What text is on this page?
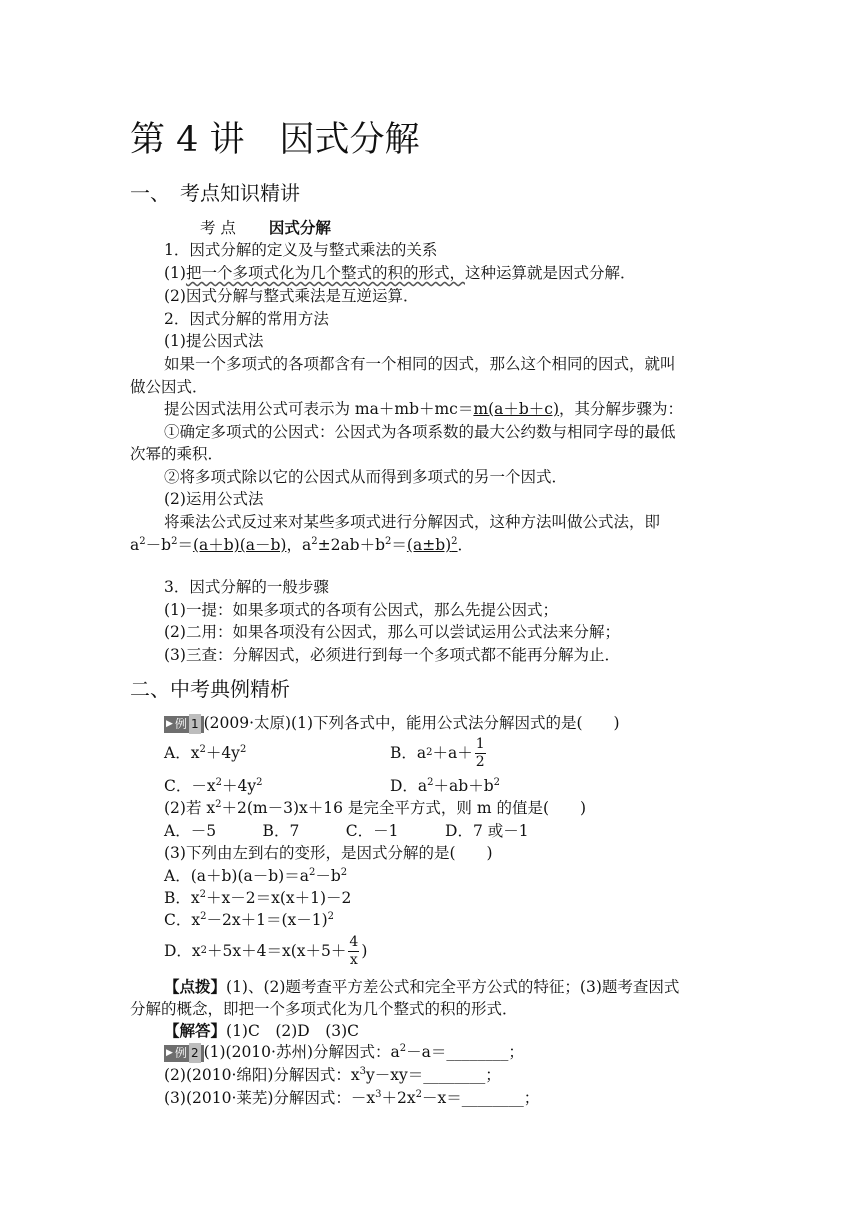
第 4 讲　因式分解
一、　考点知识精讲
考 点 因式分解
1．因式分解的定义及与整式乘法的关系
(1)把一个多项式化为几个整式的积的形式，这种运算就是因式分解．
(2)因式分解与整式乘法是互逆运算．
2．因式分解的常用方法
(1)提公因式法
如果一个多项式的各项都含有一个相同的因式，那么这个相同的因式，就叫
做公因式．
提公因式法用公式可表示为 ma＋mb＋mc＝m(a＋b＋c)，其分解步骤为：
①确定多项式的公因式：公因式为各项系数的最大公约数与相同字母的最低
次幂的乘积．
②将多项式除以它的公因式从而得到多项式的另一个因式．
(2)运用公式法
将乘法公式反过来对某些多项式进行分解因式，这种方法叫做公式法，即
$a^2-b^2=(a+b)(a-b)$，$a^2\pm 2ab+b^2=(a\pm b)^2$．
3．因式分解的一般步骤
(1)一提：如果多项式的各项有公因式，那么先提公因式；
(2)二用：如果各项没有公因式，那么可以尝试运用公式法来分解；
(3)三查：分解因式，必须进行到每一个多项式都不能再分解为止．
二、中考典例精析
▶ 例 1 (2009·太原)(1)下列各式中，能用公式法分解因式的是(　　)
A．$x^2+4y^2$	B．a $2 +a+ \frac{1}{2}$
C．$-x^2+4y^2$	D．$a^2+ab+b^2$
(2)若 $x^2+2(m-3)x+16$ 是完全平方式，则 m 的值是(　　)
A．－5　　　B．7　　　C．－1　　　D．7 或－1
(3)下列由左到右的变形，是因式分解的是(　　)
A．$(a+b)(a-b)=a^2-b^2$
B．$x^2+x-2=x(x+1)-2$
C．$x^2-2x+1=(x-1)^2$
D．x $2 +5x+4=x(x+5+ \frac{4}{x}$ )
【点拨】(1)、(2)题考查平方差公式和完全平方公式的特征；(3)题考查因式
分解的概念，即把一个多项式化为几个整式的积的形式．
【解答】(1)C　(2)D　(3)C
▶ 例 2 (1)(2010·苏州)分解因式：$a^2-a=\_\_\_\_\_\_\_\_$；
(2)(2010·绵阳)分解因式：$x^3y-xy=\_\_\_\_\_\_\_\_$；
(3)(2010·莱芜)分解因式：$-x^3+2x^2-x=\_\_\_\_\_\_\_\_$；
